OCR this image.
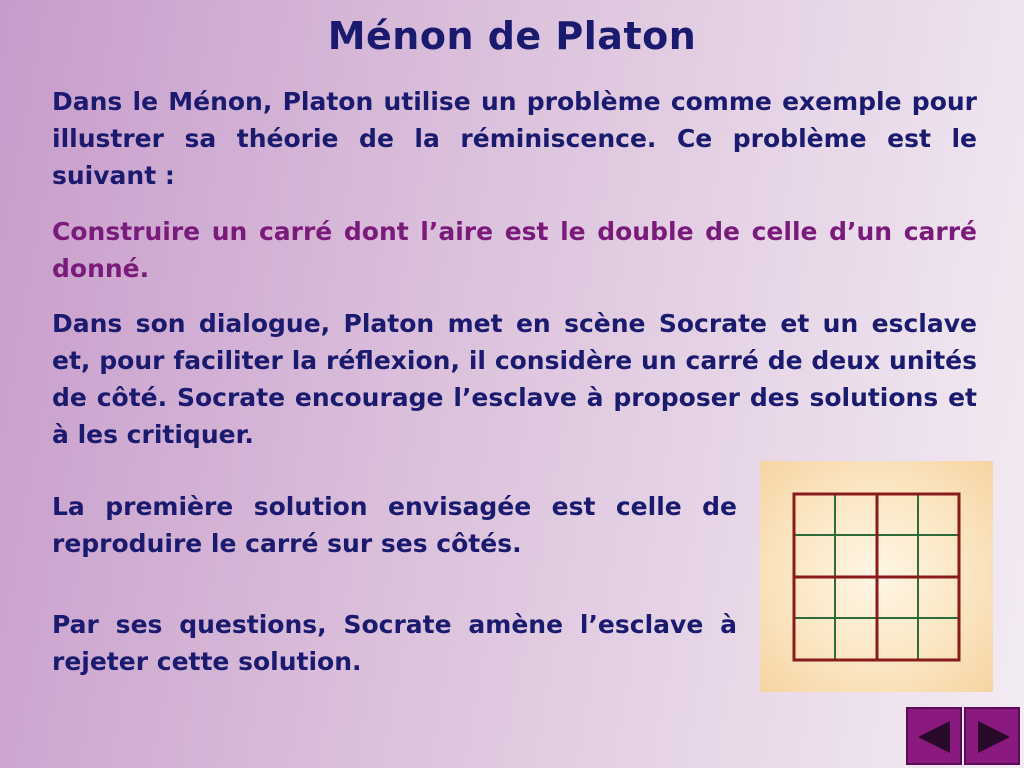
Ménon de Platon
Dans le Ménon, Platon utilise un problème comme exemple pour illustrer sa théorie de la réminiscence. Ce problème est le suivant :
Construire un carré dont l’aire est le double de celle d’un carré donné.
Dans son dialogue, Platon met en scène Socrate et un esclave et, pour faciliter la réflexion, il considère un carré de deux unités de côté. Socrate encourage l’esclave à proposer des solutions et à les critiquer.
La première solution envisagée est celle de reproduire le carré sur ses côtés.
Par ses questions, Socrate amène l’esclave à rejeter cette solution.
